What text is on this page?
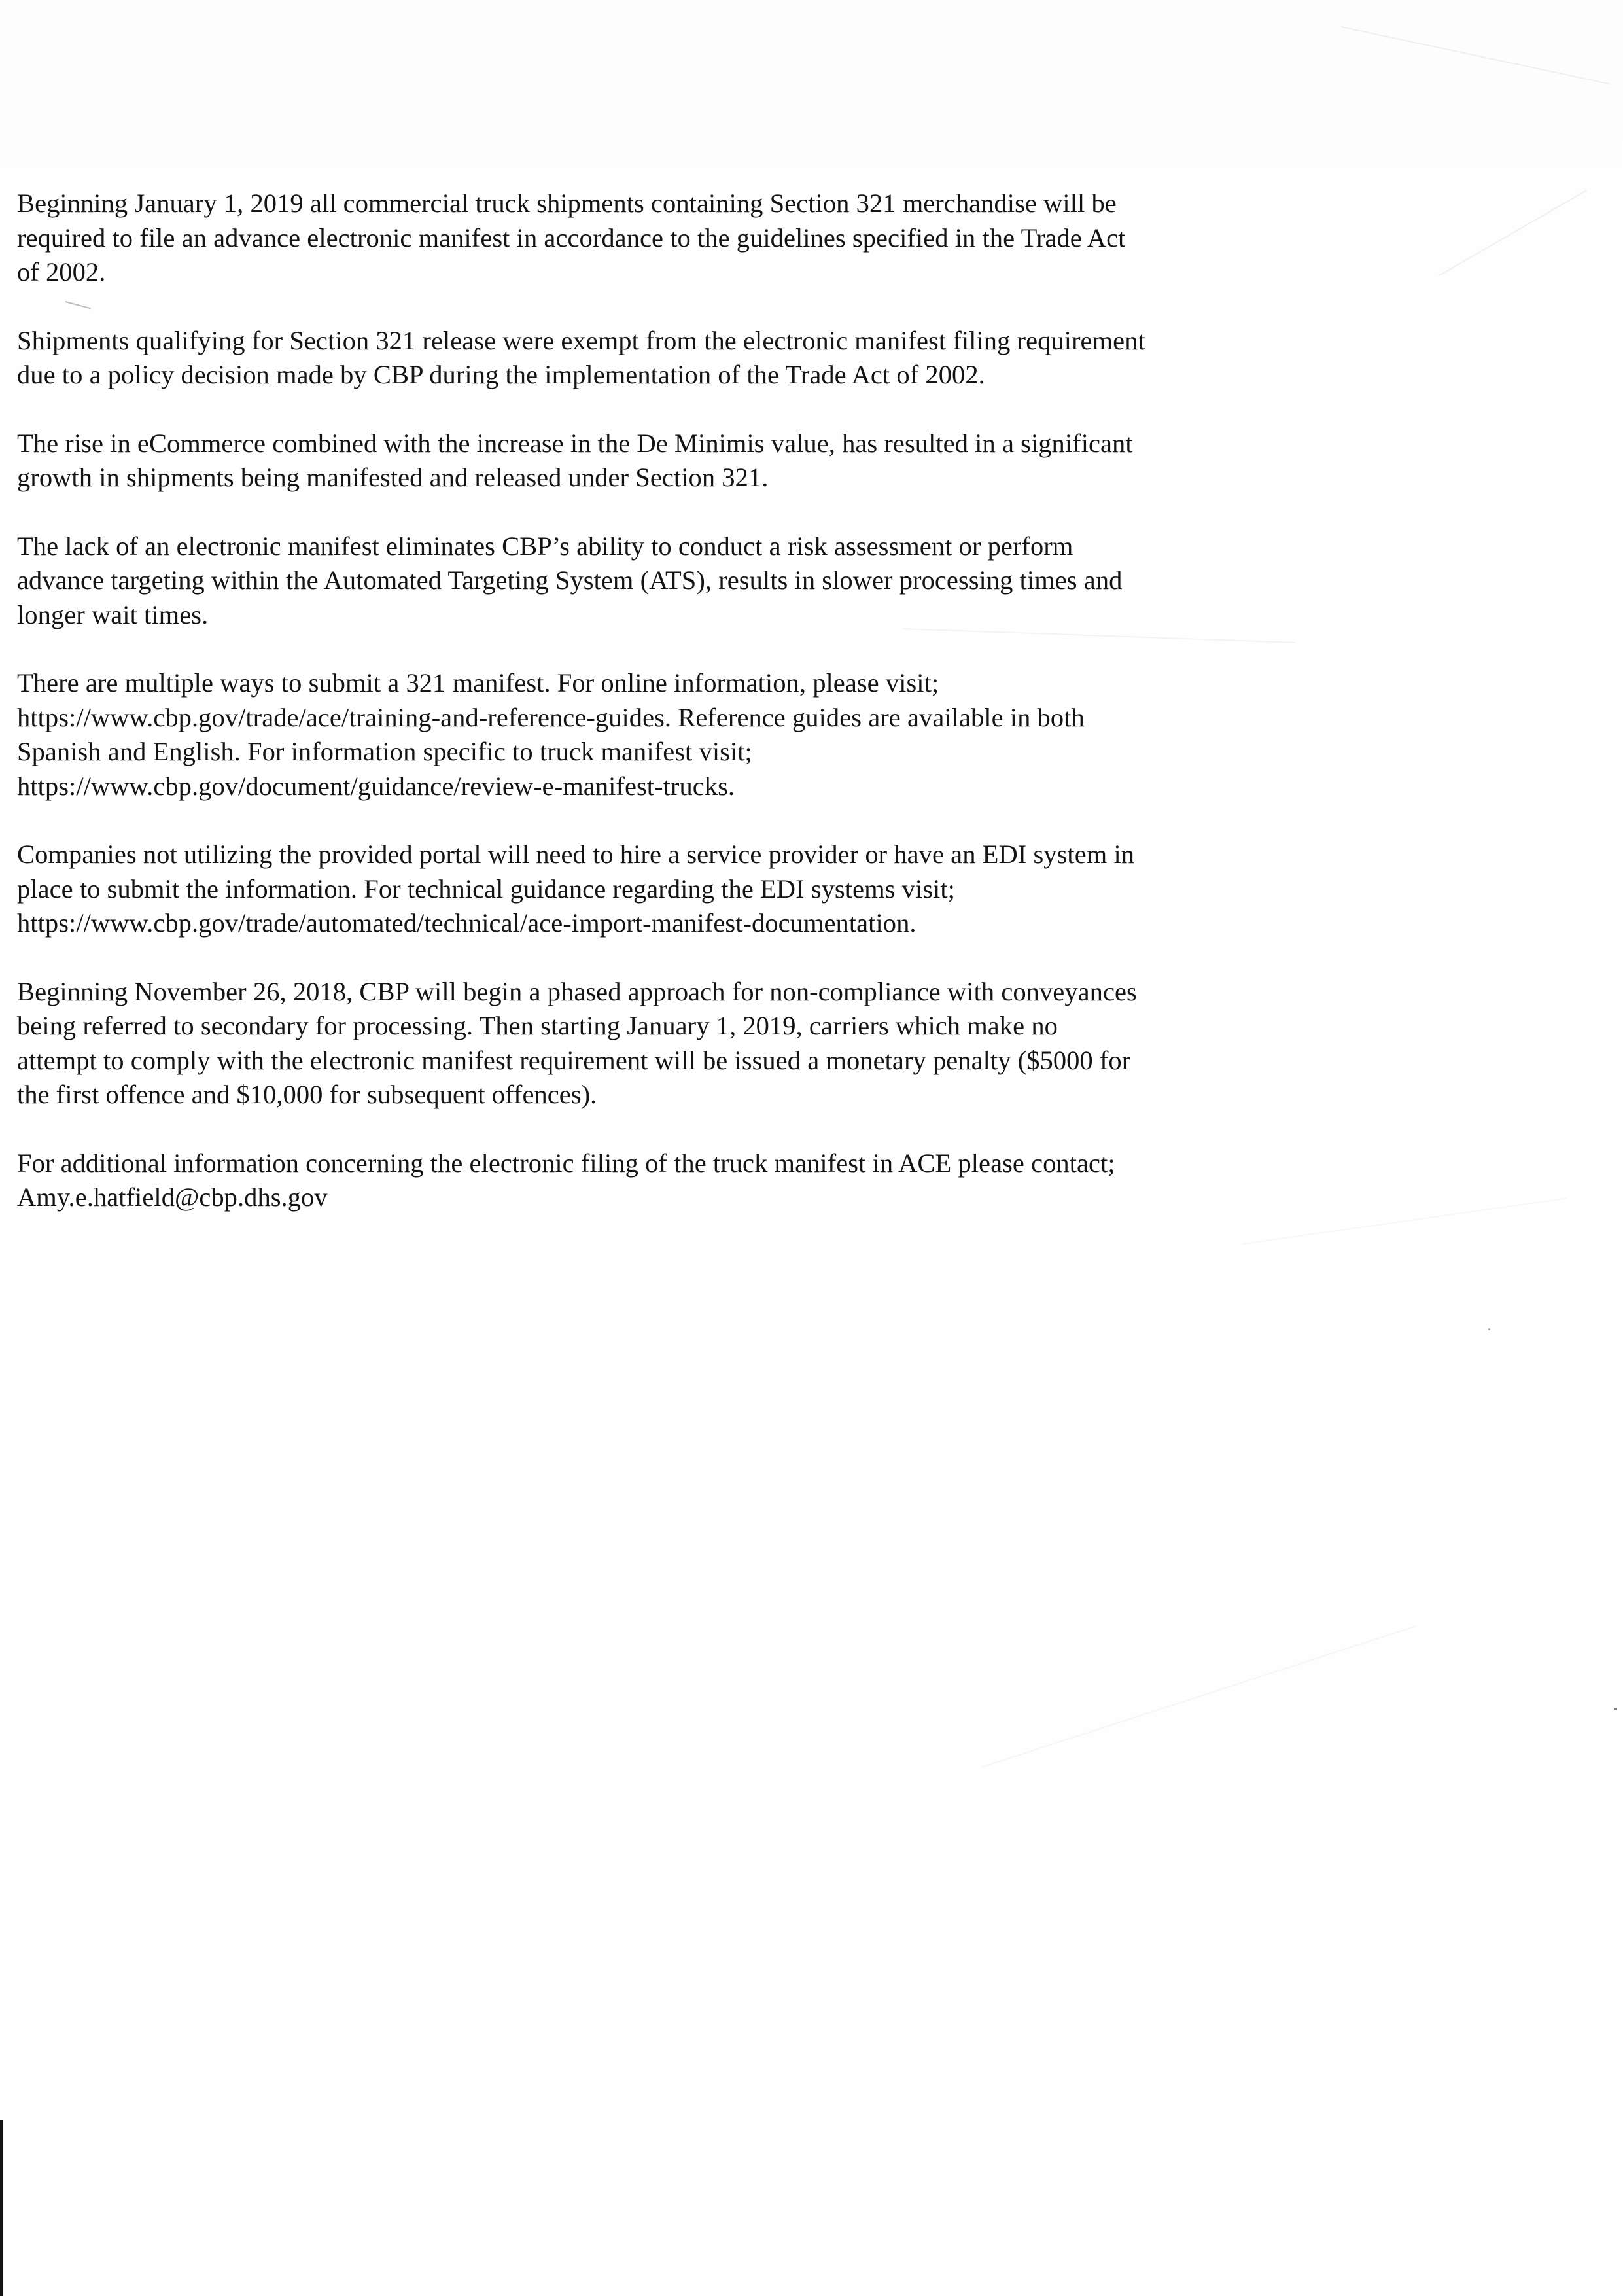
Beginning January 1, 2019 all commercial truck shipments containing Section 321 merchandise will be
required to file an advance electronic manifest in accordance to the guidelines specified in the Trade Act
of 2002.

Shipments qualifying for Section 321 release were exempt from the electronic manifest filing requirement
due to a policy decision made by CBP during the implementation of the Trade Act of 2002.

The rise in eCommerce combined with the increase in the De Minimis value, has resulted in a significant
growth in shipments being manifested and released under Section 321.

The lack of an electronic manifest eliminates CBP’s ability to conduct a risk assessment or perform
advance targeting within the Automated Targeting System (ATS), results in slower processing times and
longer wait times.

There are multiple ways to submit a 321 manifest. For online information, please visit;
https://www.cbp.gov/trade/ace/training-and-reference-guides. Reference guides are available in both
Spanish and English. For information specific to truck manifest visit;
https://www.cbp.gov/document/guidance/review-e-manifest-trucks.

Companies not utilizing the provided portal will need to hire a service provider or have an EDI system in
place to submit the information. For technical guidance regarding the EDI systems visit;
https://www.cbp.gov/trade/automated/technical/ace-import-manifest-documentation.

Beginning November 26, 2018, CBP will begin a phased approach for non-compliance with conveyances
being referred to secondary for processing. Then starting January 1, 2019, carriers which make no
attempt to comply with the electronic manifest requirement will be issued a monetary penalty ($5000 for
the first offence and $10,000 for subsequent offences).

For additional information concerning the electronic filing of the truck manifest in ACE please contact;
Amy.e.hatfield@cbp.dhs.gov
